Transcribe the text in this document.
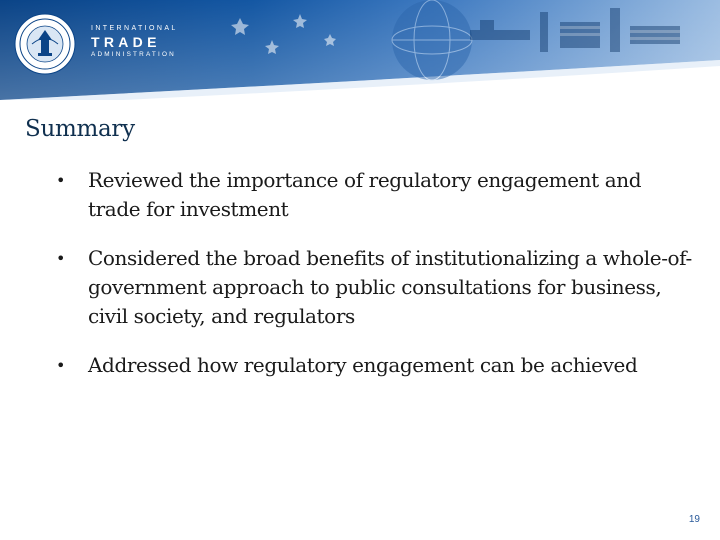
INTERNATIONAL
TRADE
ADMINISTRATION
Summary
•	Reviewed the importance of regulatory engagement and trade for investment
•	Considered the broad benefits of institutionalizing a whole-of-government approach to public consultations for business, civil society, and regulators
•	Addressed how regulatory engagement can be achieved
19
